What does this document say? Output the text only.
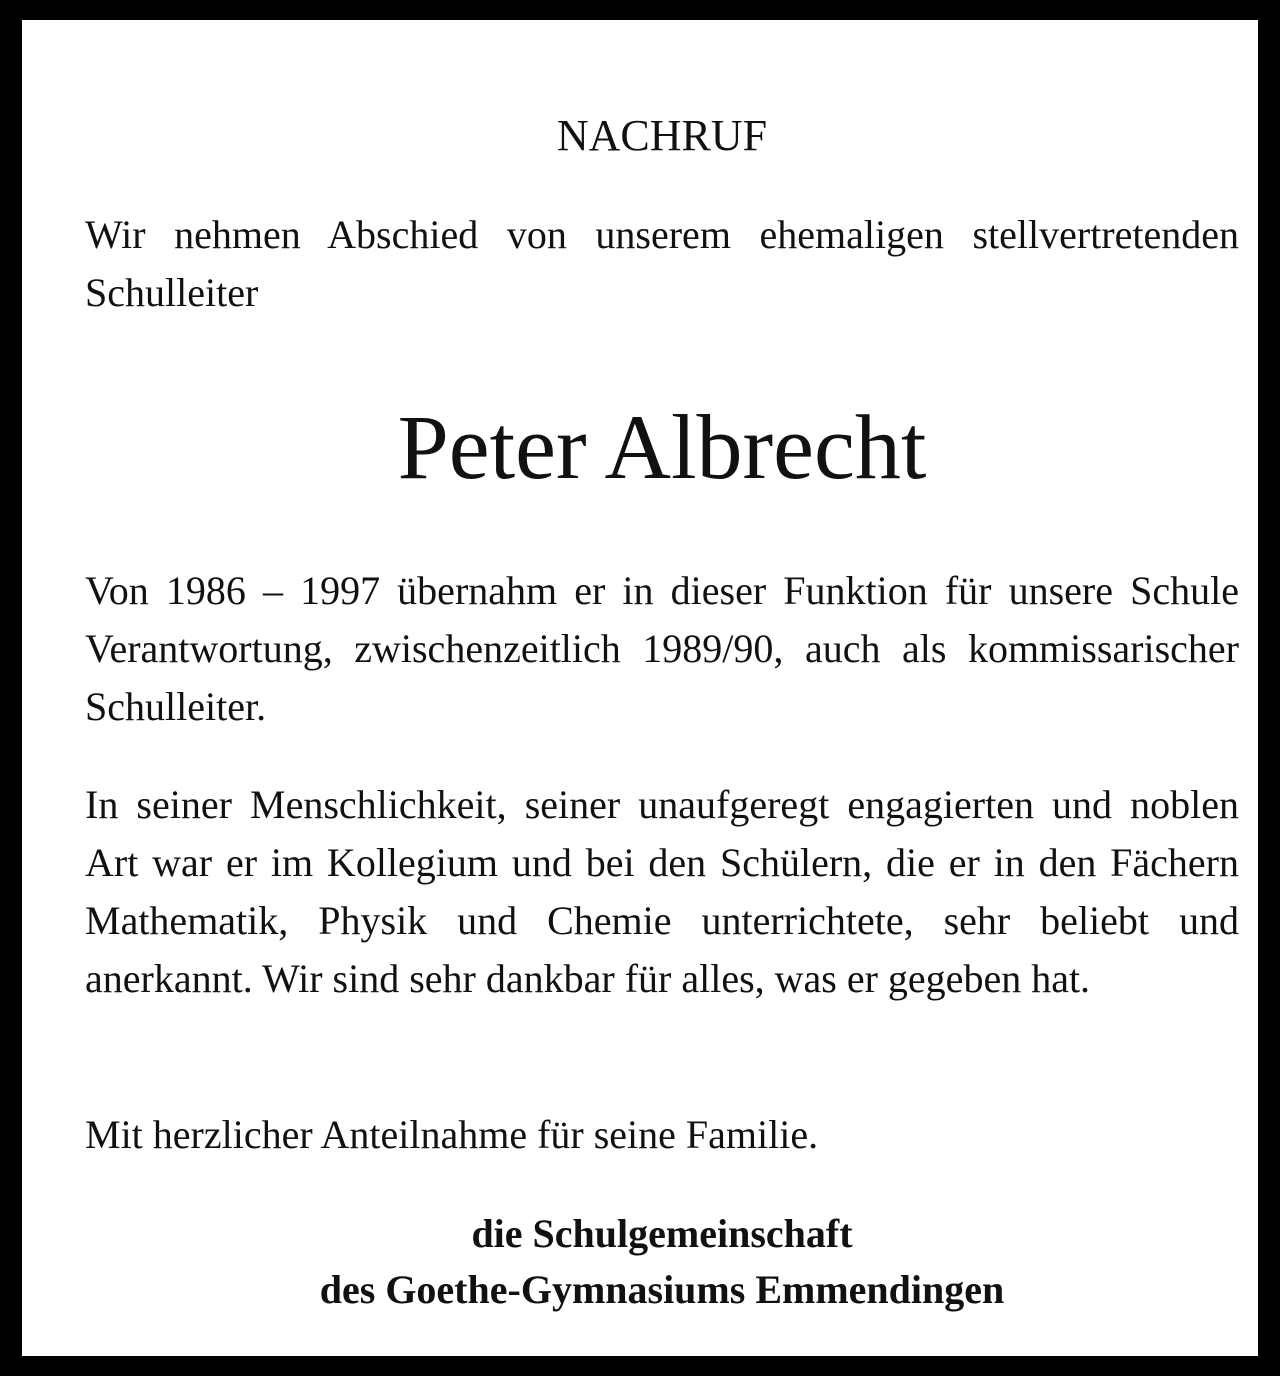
NACHRUF
Wir nehmen Abschied von unserem ehemaligen stellvertretenden Schulleiter
Peter Albrecht

Von 1986 – 1997 übernahm er in dieser Funktion für unsere Schule Verantwortung, zwischenzeitlich 1989/90, auch als kommissarischer Schulleiter.

In seiner Menschlichkeit, seiner unaufgeregt engagierten und noblen Art war er im Kollegium und bei den Schülern, die er in den Fächern Mathematik, Physik und Chemie unterrichtete, sehr beliebt und anerkannt. Wir sind sehr dankbar für alles, was er gegeben hat.

Mit herzlicher Anteilnahme für seine Familie.

die Schulgemeinschaft
des Goethe-Gymnasiums Emmendingen
